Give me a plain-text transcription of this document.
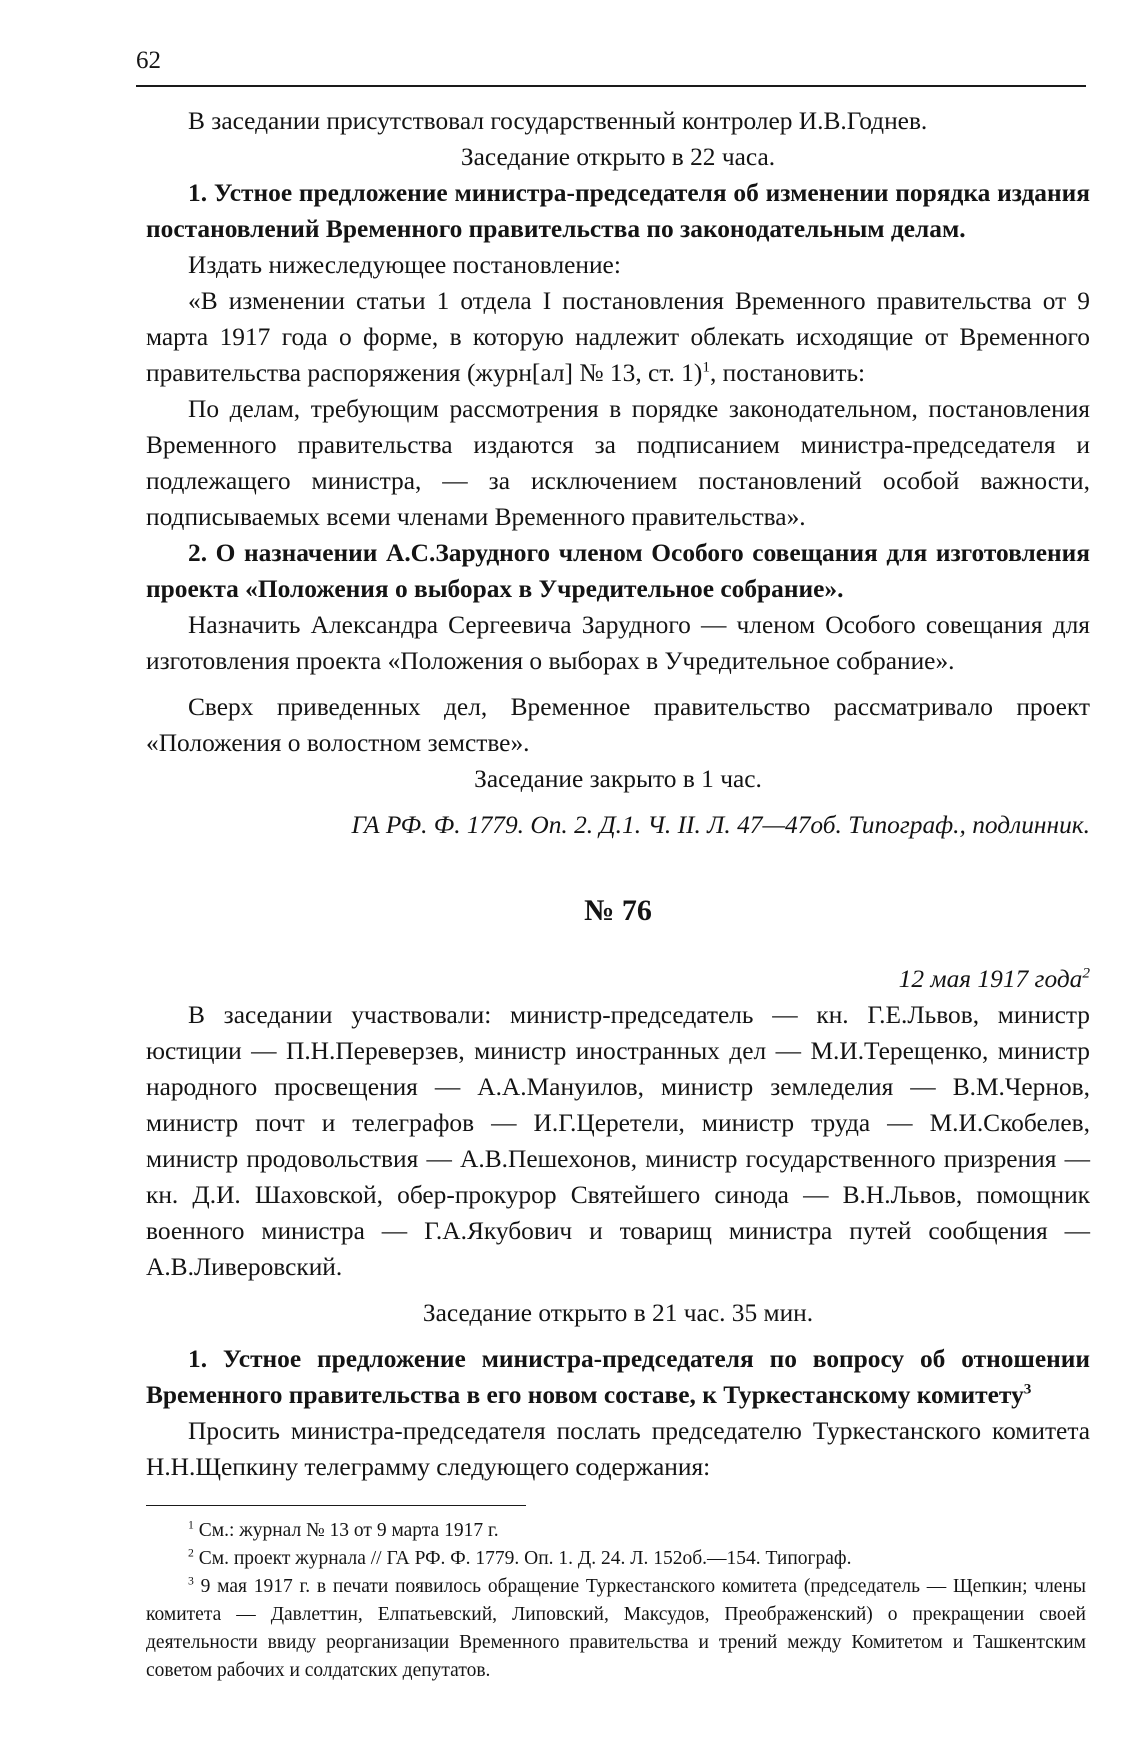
62

В заседании присутствовал государственный контролер И.В.Годнев.

Заседание открыто в 22 часа.

1. Устное предложение министра-председателя об изменении порядка издания постановлений Временного правительства по законодательным делам.

Издать нижеследующее постановление:

«В изменении статьи 1 отдела I постановления Временного правительства от 9 марта 1917 года о форме, в которую надлежит облекать исходящие от Временного правительства распоряжения (журн[ал] № 13, ст. 1)$^1$, постановить:

По делам, требующим рассмотрения в порядке законодательном, постановления Временного правительства издаются за подписанием министра-председателя и подлежащего министра, — за исключением постановлений особой важности, подписываемых всеми членами Временного правительства».

2. О назначении А.С.Зарудного членом Особого совещания для изготовления проекта «Положения о выборах в Учредительное собрание».

Назначить Александра Сергеевича Зарудного — членом Особого совещания для изготовления проекта «Положения о выборах в Учредительное собрание».

Сверх приведенных дел, Временное правительство рассматривало проект «Положения о волостном земстве».

Заседание закрыто в 1 час.

ГА РФ. Ф. 1779. Оп. 2. Д.1. Ч. II. Л. 47—47об. Типограф., подлинник.

№ 76

12 мая 1917 года$^2$

В заседании участвовали: министр-председатель — кн. Г.Е.Львов, министр юстиции — П.Н.Переверзев, министр иностранных дел — М.И.Терещенко, министр народного просвещения — А.А.Мануилов, министр земледелия — В.М.Чернов, министр почт и телеграфов — И.Г.Церетели, министр труда — М.И.Скобелев, министр продовольствия — А.В.Пешехонов, министр государственного призрения — кн. Д.И. Шаховской, обер-прокурор Святейшего синода — В.Н.Львов, помощник военного министра — Г.А.Якубович и товарищ министра путей сообщения — А.В.Ливеровский.

Заседание открыто в 21 час. 35 мин.

1. Устное предложение министра-председателя по вопросу об отношении Временного правительства в его новом составе, к Туркестанскому комитету$^3$

Просить министра-председателя послать председателю Туркестанского комитета Н.Н.Щепкину телеграмму следующего содержания:

$^1$ См.: журнал № 13 от 9 марта 1917 г.

$^2$ См. проект журнала // ГА РФ. Ф. 1779. Оп. 1. Д. 24. Л. 152об.—154. Типограф.

$^3$ 9 мая 1917 г. в печати появилось обращение Туркестанского комитета (председатель — Щепкин; члены комитета — Давлеттин, Елпатьевский, Липовский, Максудов, Преображенский) о прекращении своей деятельности ввиду реорганизации Временного правительства и трений между Комитетом и Ташкентским советом рабочих и солдатских депутатов.
